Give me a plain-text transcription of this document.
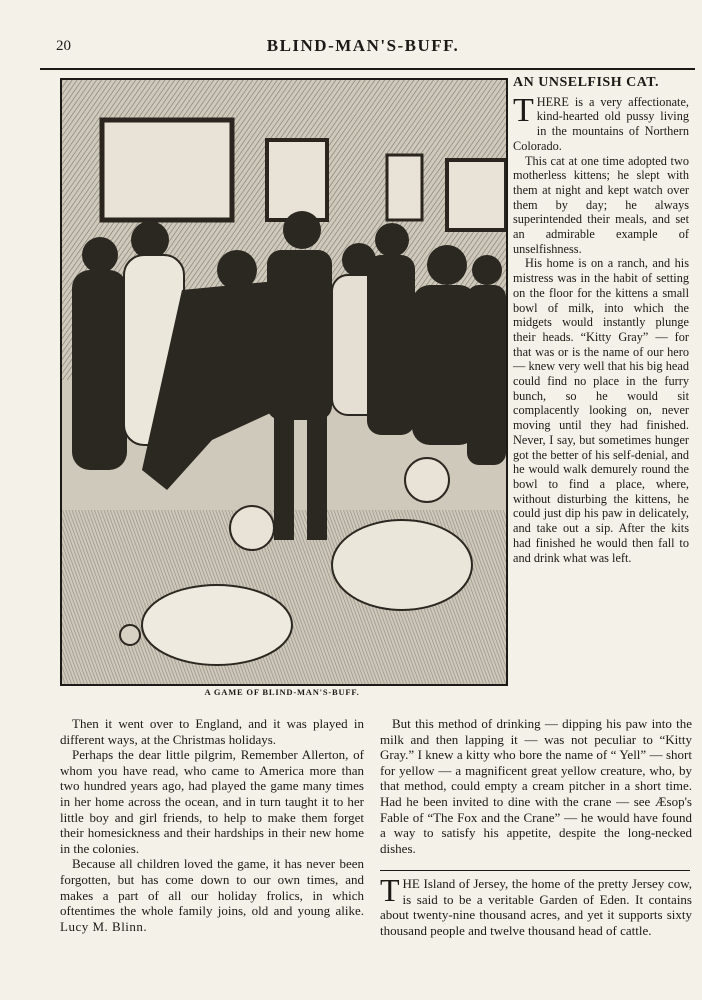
20	BLIND-MAN'S-BUFF.
A GAME OF BLIND-MAN'S-BUFF.
AN UNSELFISH CAT.

THERE is a very affectionate, kind-hearted old pussy living in the mountains of Northern Colorado.

This cat at one time adopted two motherless kittens; he slept with them at night and kept watch over them by day; he always superintended their meals, and set an admirable example of unselfishness.

His home is on a ranch, and his mistress was in the habit of setting on the floor for the kittens a small bowl of milk, into which the midgets would instantly plunge their heads. “Kitty Gray” — for that was or is the name of our hero — knew very well that his big head could find no place in the furry bunch, so he would sit complacently looking on, never moving until they had finished. Never, I say, but sometimes hunger got the better of his self-denial, and he would walk demurely round the bowl to find a place, where, without disturbing the kittens, he could just dip his paw in delicately, and take out a sip. After the kits had finished he would then fall to and drink what was left.

Then it went over to England, and it was played in different ways, at the Christmas holidays.

Perhaps the dear little pilgrim, Remember Allerton, of whom you have read, who came to America more than two hundred years ago, had played the game many times in her home across the ocean, and in turn taught it to her little boy and girl friends, to help to make them forget their homesickness and their hardships in their new home in the colonies.

Because all children loved the game, it has never been forgotten, but has come down to our own times, and makes a part of all our holiday frolics, in which oftentimes the whole family joins, old and young alike. Lucy M. Blinn.

But this method of drinking — dipping his paw into the milk and then lapping it — was not peculiar to “Kitty Gray.” I knew a kitty who bore the name of “ Yell” — short for yellow — a magnificent great yellow creature, who, by that method, could empty a cream pitcher in a short time. Had he been invited to dine with the crane — see Æsop's Fable of “The Fox and the Crane” — he would have found a way to satisfy his appetite, despite the long-necked dishes.

THE Island of Jersey, the home of the pretty Jersey cow, is said to be a veritable Garden of Eden. It contains about twenty-nine thousand acres, and yet it supports sixty thousand people and twelve thousand head of cattle.
